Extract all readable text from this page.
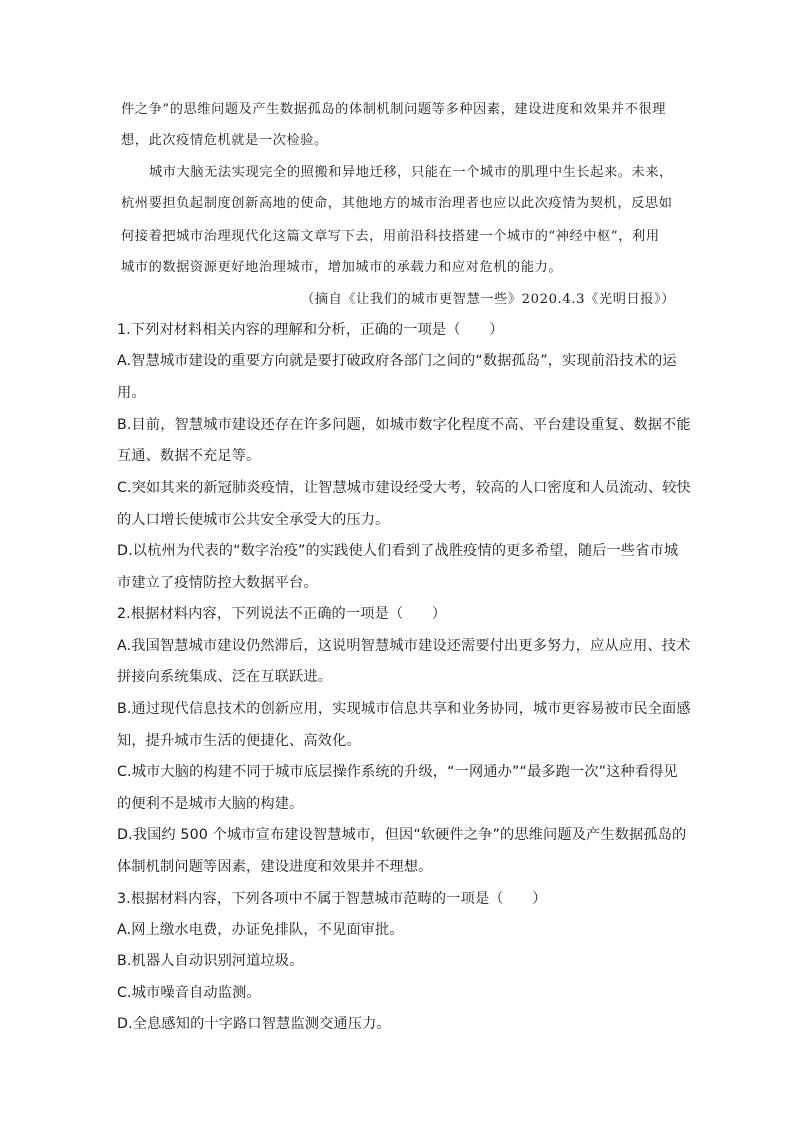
件之争”的思维问题及产生数据孤岛的体制机制问题等多种因素，建设进度和效果并不很理

想，此次疫情危机就是一次检验。

城市大脑无法实现完全的照搬和异地迁移，只能在一个城市的肌理中生长起来。未来，

杭州要担负起制度创新高地的使命，其他地方的城市治理者也应以此次疫情为契机，反思如

何接着把城市治理现代化这篇文章写下去，用前沿科技搭建一个城市的“神经中枢”，利用

城市的数据资源更好地治理城市，增加城市的承载力和应对危机的能力。

（摘自《让我们的城市更智慧一些》2020.4.3《光明日报》）

1.下列对材料相关内容的理解和分析，正确的一项是（　　）

A.智慧城市建设的重要方向就是要打破政府各部门之间的“数据孤岛”，实现前沿技术的运

用。

B.目前，智慧城市建设还存在许多问题，如城市数字化程度不高、平台建设重复、数据不能

互通、数据不充足等。

C.突如其来的新冠肺炎疫情，让智慧城市建设经受大考，较高的人口密度和人员流动、较快

的人口增长使城市公共安全承受大的压力。

D.以杭州为代表的“数字治疫”的实践使人们看到了战胜疫情的更多希望，随后一些省市城

市建立了疫情防控大数据平台。

2.根据材料内容，下列说法不正确的一项是（　　）

A.我国智慧城市建设仍然滞后，这说明智慧城市建设还需要付出更多努力，应从应用、技术

拼接向系统集成、泛在互联跃进。

B.通过现代信息技术的创新应用，实现城市信息共享和业务协同，城市更容易被市民全面感

知，提升城市生活的便捷化、高效化。

C.城市大脑的构建不同于城市底层操作系统的升级，“一网通办”“最多跑一次”这种看得见

的便利不是城市大脑的构建。

D.我国约 500 个城市宣布建设智慧城市，但因“软硬件之争”的思维问题及产生数据孤岛的

体制机制问题等因素，建设进度和效果并不理想。

3.根据材料内容，下列各项中不属于智慧城市范畴的一项是（　　）

A.网上缴水电费，办证免排队，不见面审批。

B.机器人自动识别河道垃圾。

C.城市噪音自动监测。

D.全息感知的十字路口智慧监测交通压力。
